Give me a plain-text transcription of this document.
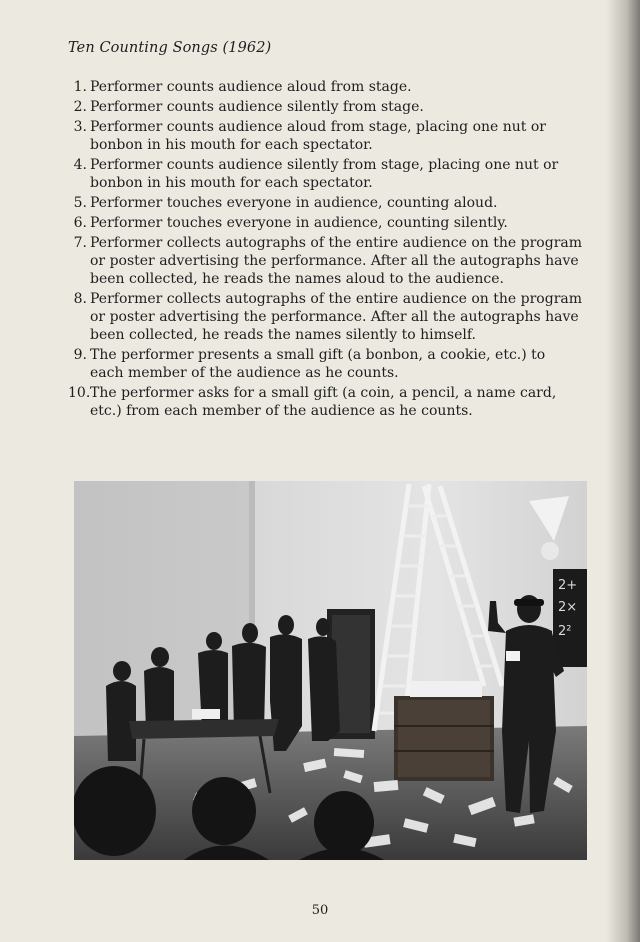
Ten Counting Songs (1962)
1. Performer counts audience aloud from stage.
2. Performer counts audience silently from stage.
3. Performer counts audience aloud from stage, placing one nut or bonbon in his mouth for each spectator.
4. Performer counts audience silently from stage, placing one nut or bonbon in his mouth for each spectator.
5. Performer touches everyone in audience, counting aloud.
6. Performer touches everyone in audience, counting silently.
7. Performer collects autographs of the entire audience on the program or poster advertising the performance. After all the autographs have been collected, he reads the names aloud to the audience.
8. Performer collects autographs of the entire audience on the program or poster advertising the performance. After all the autographs have been collected, he reads the names silently to himself.
9. The performer presents a small gift (a bonbon, a cookie, etc.) to each member of the audience as he counts.
10. The performer asks for a small gift (a coin, a pencil, a name card, etc.) from each member of the audience as he counts.
2+
2×
2²
50
